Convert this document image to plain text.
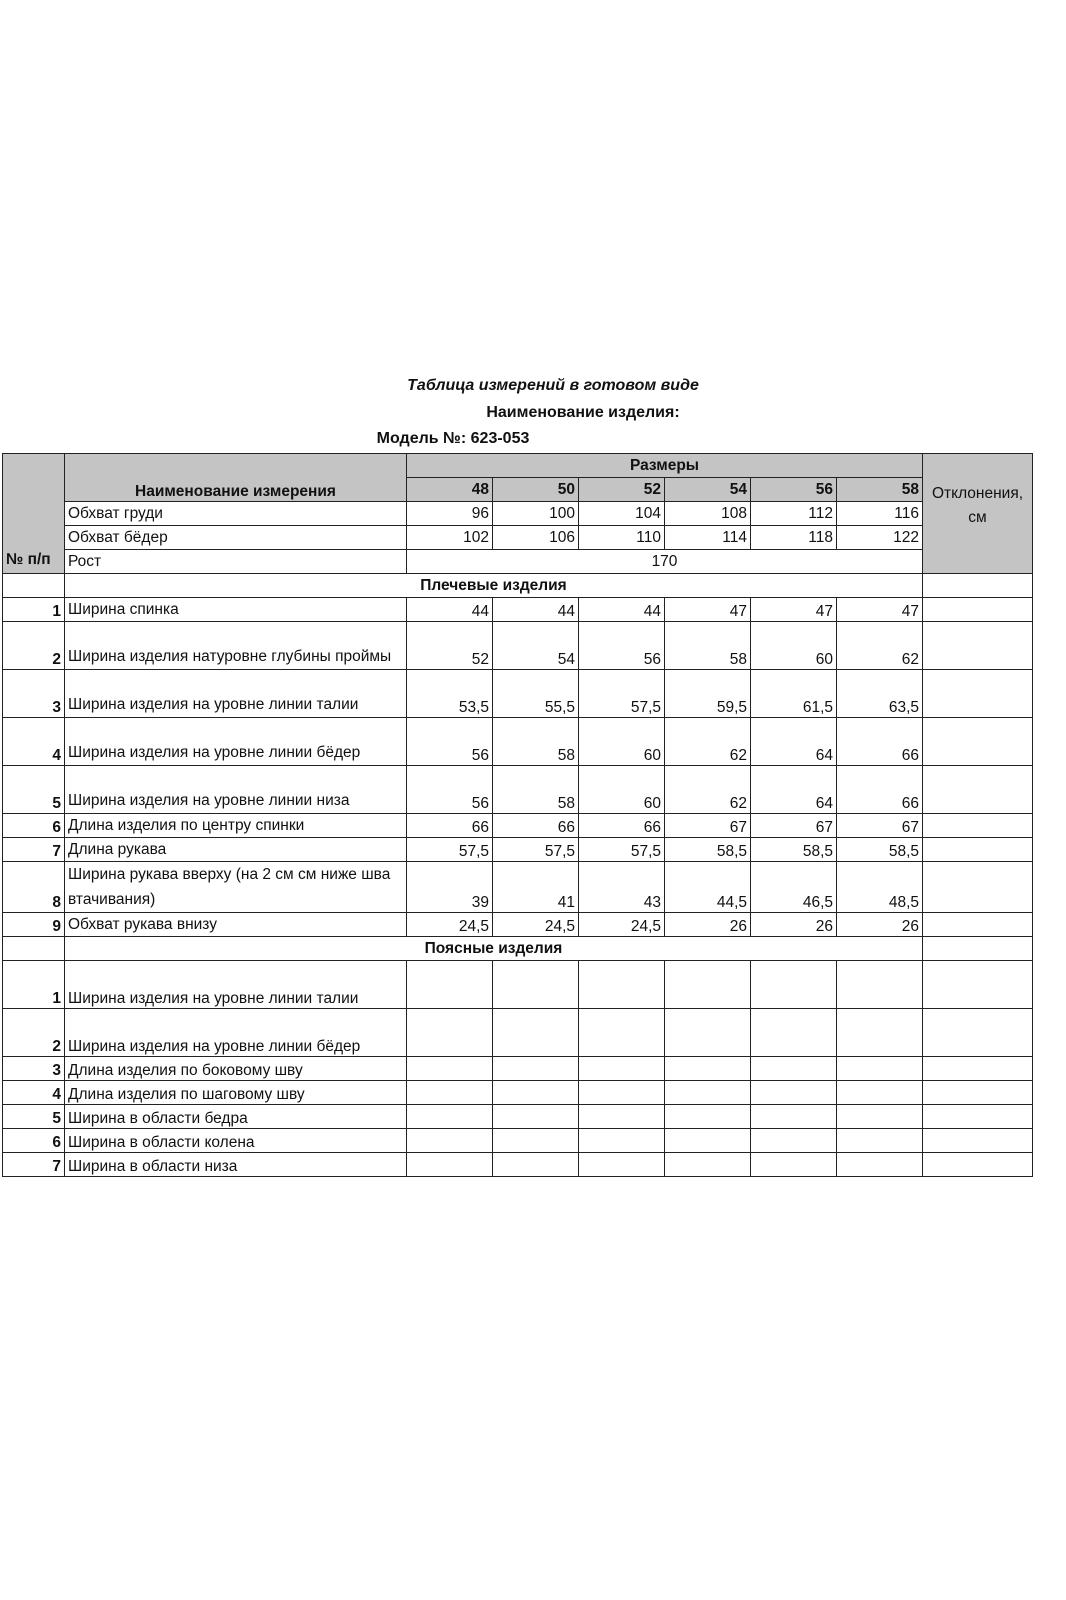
Таблица измерений в готовом виде
Наименование изделия:
Модель №: 623-053
№ п/п	Наименование измерения	Размеры						Отклонения, см
		48	50	52	54	56	58	
	Обхват груди	96	100	104	108	112	116	
	Обхват бёдер	102	106	110	114	118	122	
	Рост	170						
	Плечевые изделия							
1	Ширина спинка	44	44	44	47	47	47	
2	Ширина изделия натуровне глубины проймы	52	54	56	58	60	62	
3	Ширина изделия на уровне линии талии	53,5	55,5	57,5	59,5	61,5	63,5	
4	Ширина изделия на уровне линии бёдер	56	58	60	62	64	66	
5	Ширина изделия на уровне линии низа	56	58	60	62	64	66	
6	Длина изделия по центру спинки	66	66	66	67	67	67	
7	Длина рукава	57,5	57,5	57,5	58,5	58,5	58,5	
8	Ширина рукава вверху (на 2 см см ниже шва втачивания)	39	41	43	44,5	46,5	48,5	
9	Обхват рукава внизу	24,5	24,5	24,5	26	26	26	
	Поясные изделия							
1	Ширина изделия на уровне линии талии							
2	Ширина изделия на уровне линии бёдер							
3	Длина изделия по боковому шву							
4	Длина изделия по шаговому шву							
5	Ширина в области бедра							
6	Ширина в области колена							
7	Ширина в области низа							
